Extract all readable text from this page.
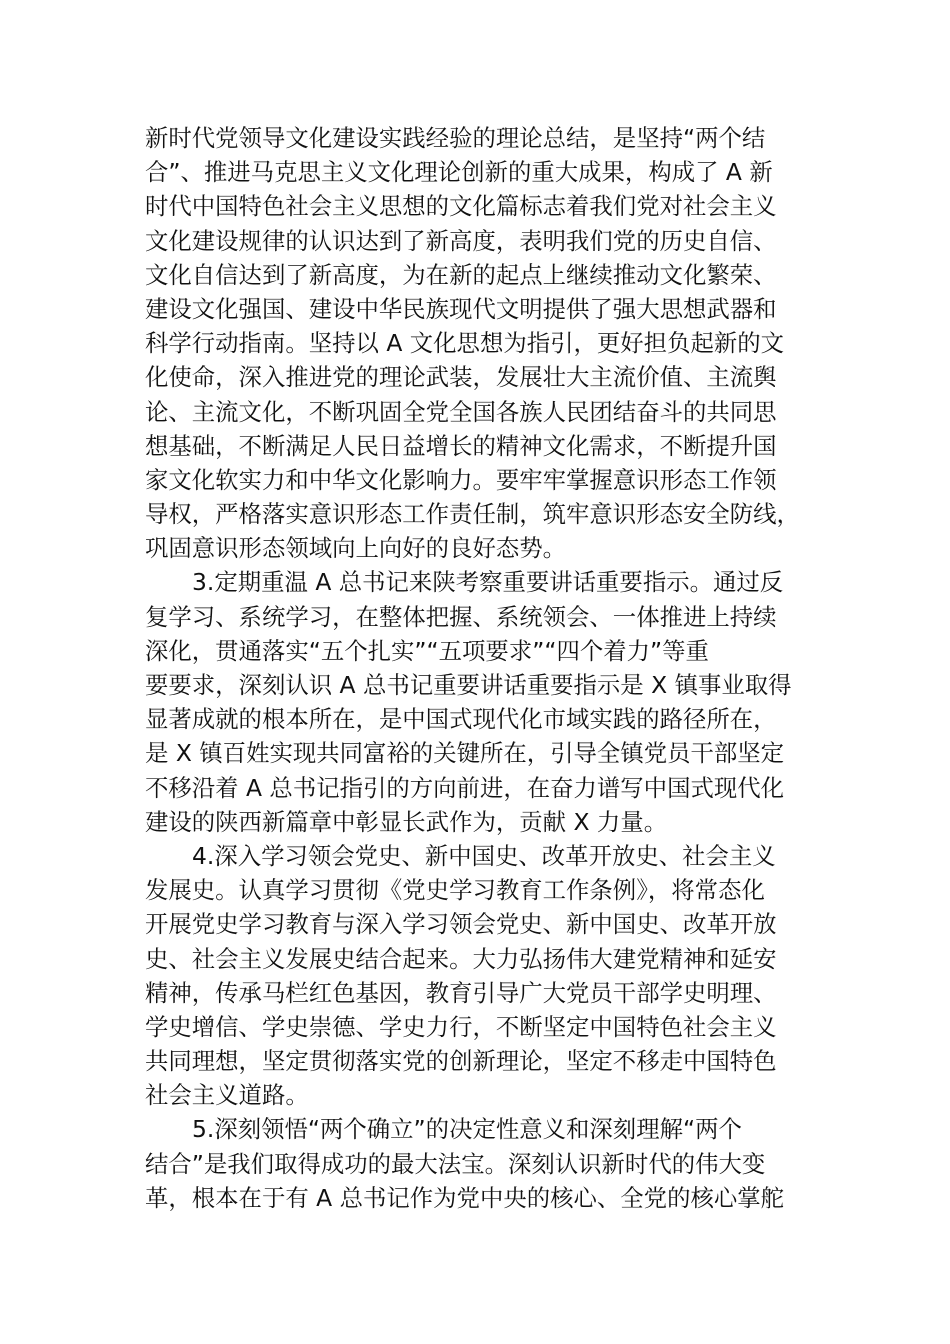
新时代党领导文化建设实践经验的理论总结，是坚持“两个结
合”、推进马克思主义文化理论创新的重大成果，构成了 A 新
时代中国特色社会主义思想的文化篇标志着我们党对社会主义
文化建设规律的认识达到了新高度，表明我们党的历史自信、
文化自信达到了新高度，为在新的起点上继续推动文化繁荣、
建设文化强国、建设中华民族现代文明提供了强大思想武器和
科学行动指南。坚持以 A 文化思想为指引，更好担负起新的文
化使命，深入推进党的理论武装，发展壮大主流价值、主流舆
论、主流文化，不断巩固全党全国各族人民团结奋斗的共同思
想基础，不断满足人民日益增长的精神文化需求，不断提升国
家文化软实力和中华文化影响力。要牢牢掌握意识形态工作领
导权，严格落实意识形态工作责任制，筑牢意识形态安全防线，
巩固意识形态领域向上向好的良好态势。
3.定期重温 A 总书记来陕考察重要讲话重要指示。通过反
复学习、系统学习，在整体把握、系统领会、一体推进上持续
深化，贯通落实“五个扎实”“五项要求”“四个着力”等重
要要求，深刻认识 A 总书记重要讲话重要指示是 X 镇事业取得
显著成就的根本所在，是中国式现代化市域实践的路径所在，
是 X 镇百姓实现共同富裕的关键所在，引导全镇党员干部坚定
不移沿着 A 总书记指引的方向前进，在奋力谱写中国式现代化
建设的陕西新篇章中彰显长武作为，贡献 X 力量。
4.深入学习领会党史、新中国史、改革开放史、社会主义
发展史。认真学习贯彻《党史学习教育工作条例》，将常态化
开展党史学习教育与深入学习领会党史、新中国史、改革开放
史、社会主义发展史结合起来。大力弘扬伟大建党精神和延安
精神，传承马栏红色基因，教育引导广大党员干部学史明理、
学史增信、学史崇德、学史力行，不断坚定中国特色社会主义
共同理想，坚定贯彻落实党的创新理论，坚定不移走中国特色
社会主义道路。
5.深刻领悟“两个确立”的决定性意义和深刻理解“两个
结合”是我们取得成功的最大法宝。深刻认识新时代的伟大变
革，根本在于有 A 总书记作为党中央的核心、全党的核心掌舵
